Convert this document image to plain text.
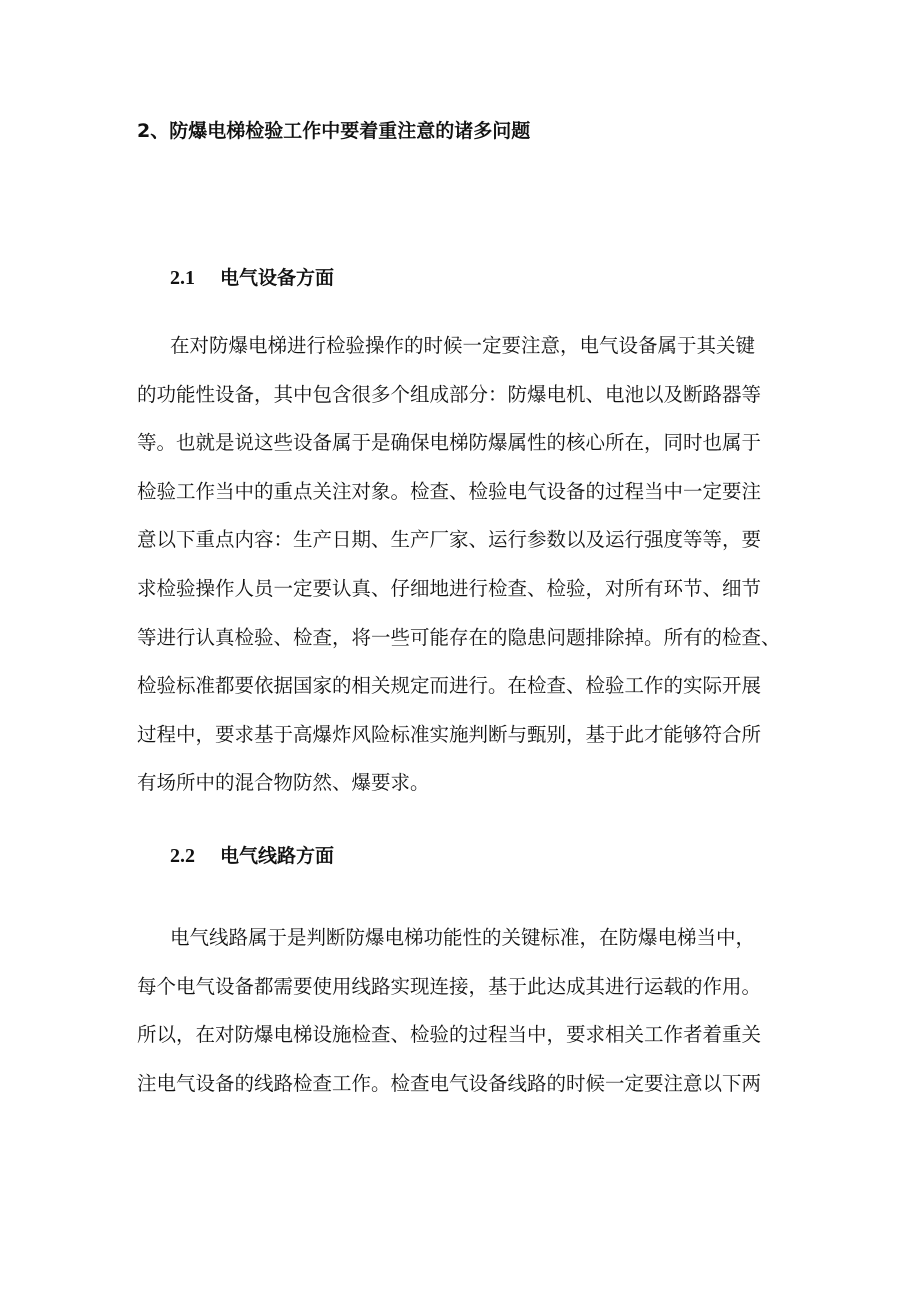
2、防爆电梯检验工作中要着重注意的诸多问题
2.1 电气设备方面
在对防爆电梯进行检验操作的时候一定要注意，电气设备属于其关键
的功能性设备，其中包含很多个组成部分：防爆电机、电池以及断路器等
等。也就是说这些设备属于是确保电梯防爆属性的核心所在，同时也属于
检验工作当中的重点关注对象。检查、检验电气设备的过程当中一定要注
意以下重点内容：生产日期、生产厂家、运行参数以及运行强度等等，要
求检验操作人员一定要认真、仔细地进行检查、检验，对所有环节、细节
等进行认真检验、检查，将一些可能存在的隐患问题排除掉。所有的检查、
检验标准都要依据国家的相关规定而进行。在检查、检验工作的实际开展
过程中，要求基于高爆炸风险标准实施判断与甄别，基于此才能够符合所
有场所中的混合物防然、爆要求。
2.2 电气线路方面
电气线路属于是判断防爆电梯功能性的关键标准，在防爆电梯当中，
每个电气设备都需要使用线路实现连接，基于此达成其进行运载的作用。
所以，在对防爆电梯设施检查、检验的过程当中，要求相关工作者着重关
注电气设备的线路检查工作。检查电气设备线路的时候一定要注意以下两
